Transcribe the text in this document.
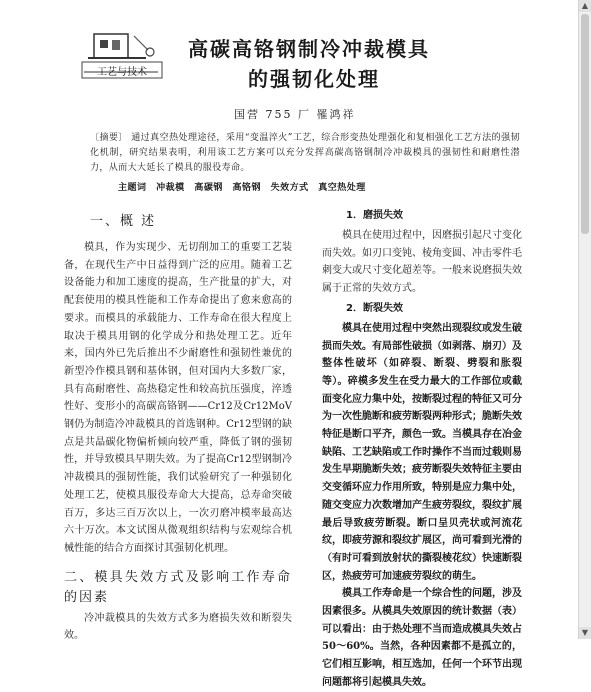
工艺与技术
高碳高铬钢制冷冲裁模具
的强韧化处理
国营 755 厂 罹鸿祥
〔摘要〕 通过真空热处理途径，采用“变温淬火”工艺，综合形变热处理强化和复相强化工艺方法的强韧化机制，研究结果表明，利用该工艺方案可以充分发挥高碳高铬钢制冷冲裁模具的强韧性和耐磨性潜力，从而大大延长了模具的服役寿命。
主题词 冲裁模 高碳钢 高铬钢 失效方式 真空热处理
一、概 述

模具，作为实现少、无切削加工的重要工艺装备，在现代生产中日益得到广泛的应用。随着工艺设备能力和加工速度的提高，生产批量的扩大，对配套使用的模具性能和工作寿命提出了愈来愈高的要求。而模具的承载能力、工作寿命在很大程度上取决于模具用钢的化学成分和热处理工艺。近年来，国内外已先后推出不少耐磨性和强韧性兼优的新型冷作模具钢和基体钢，但对国内大多数厂家，具有高耐磨性、高热稳定性和较高抗压强度，淬透性好、变形小的高碳高铬钢——Cr12及Cr12MoV钢仍为制造冷冲裁模具的首选钢种。Cr12型钢的缺点是共晶碳化物偏析倾向较严重，降低了钢的强韧性，并导致模具早期失效。为了提高Cr12型钢制冷冲裁模具的强韧性能，我们试验研究了一种强韧化处理工艺，使模具服役寿命大大提高，总寿命突破百万，多达三百万次以上，一次刃磨冲模率最高达六十万次。本文试图从微观组织结构与宏观综合机械性能的结合方面探讨其强韧化机理。

二、模具失效方式及影响工作寿命的因素

冷冲裁模具的失效方式多为磨损失效和断裂失效。

1．磨损失效

模具在使用过程中，因磨损引起尺寸变化而失效。如刃口变钝、棱角变圆、冲击零件毛刺变大或尺寸变化超差等。一般来说磨损失效属于正常的失效方式。

2．断裂失效

模具在使用过程中突然出现裂纹或发生破损而失效。有局部性破损（如剥落、崩刃）及整体性破坏（如碎裂、断裂、劈裂和胀裂等）。碎模多发生在受力最大的工作部位或截面变化应力集中处，按断裂过程的特征又可分为一次性脆断和疲劳断裂两种形式；脆断失效特征是断口平齐，颜色一致。当模具存在冶金缺陷、工艺缺陷或工作时操作不当而过载则易发生早期脆断失效；疲劳断裂失效特征主要由交变循环应力作用所致，特别是应力集中处，随交变应力次数增加产生疲劳裂纹，裂纹扩展最后导致疲劳断裂。断口呈贝壳状或河流花纹，即疲劳源和裂纹扩展区，尚可看到光滑的（有时可看到放射状的撕裂棱花纹）快速断裂区，热疲劳可加速疲劳裂纹的萌生。

模具工作寿命是一个综合性的问题，涉及因素很多。从模具失效原因的统计数据（表）可以看出：由于热处理不当而造成模具失效占50～60%。当然，各种因素都不是孤立的，它们相互影响，相互选加，任何一个环节出现问题都将引起模具失效。

▲
▼
